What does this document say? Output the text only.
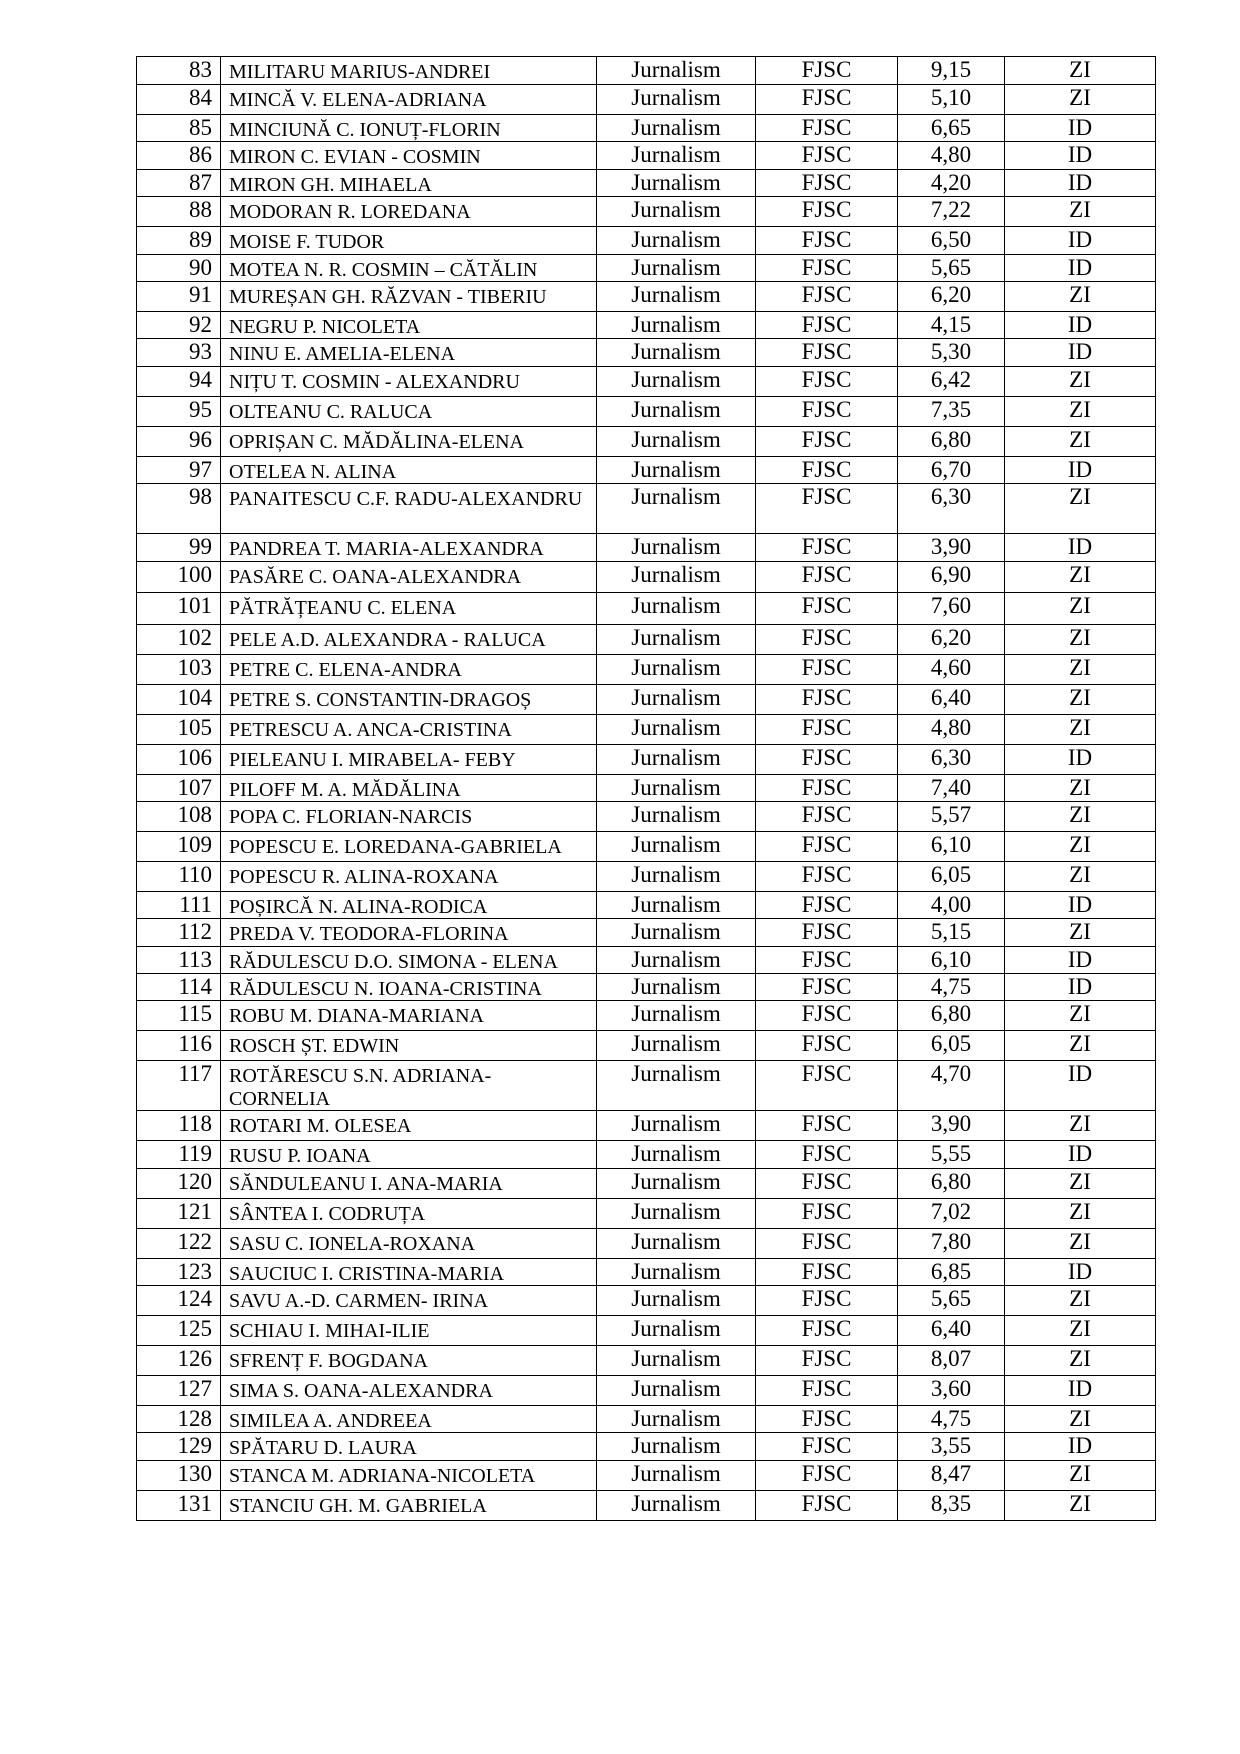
83	MILITARU MARIUS-ANDREI	Jurnalism	FJSC	9,15	ZI
84	MINCĂ V. ELENA-ADRIANA	Jurnalism	FJSC	5,10	ZI
85	MINCIUNĂ C. IONUȚ-FLORIN	Jurnalism	FJSC	6,65	ID
86	MIRON C. EVIAN - COSMIN	Jurnalism	FJSC	4,80	ID
87	MIRON GH. MIHAELA	Jurnalism	FJSC	4,20	ID
88	MODORAN R. LOREDANA	Jurnalism	FJSC	7,22	ZI
89	MOISE F. TUDOR	Jurnalism	FJSC	6,50	ID
90	MOTEA N. R. COSMIN – CĂTĂLIN	Jurnalism	FJSC	5,65	ID
91	MUREȘAN GH. RĂZVAN - TIBERIU	Jurnalism	FJSC	6,20	ZI
92	NEGRU P. NICOLETA	Jurnalism	FJSC	4,15	ID
93	NINU E. AMELIA-ELENA	Jurnalism	FJSC	5,30	ID
94	NIȚU T. COSMIN - ALEXANDRU	Jurnalism	FJSC	6,42	ZI
95	OLTEANU C. RALUCA	Jurnalism	FJSC	7,35	ZI
96	OPRIȘAN C. MĂDĂLINA-ELENA	Jurnalism	FJSC	6,80	ZI
97	OTELEA N. ALINA	Jurnalism	FJSC	6,70	ID
98	PANAITESCU C.F. RADU-ALEXANDRU	Jurnalism	FJSC	6,30	ZI
99	PANDREA T. MARIA-ALEXANDRA	Jurnalism	FJSC	3,90	ID
100	PASĂRE C. OANA-ALEXANDRA	Jurnalism	FJSC	6,90	ZI
101	PĂTRĂȚEANU C. ELENA	Jurnalism	FJSC	7,60	ZI
102	PELE A.D. ALEXANDRA - RALUCA	Jurnalism	FJSC	6,20	ZI
103	PETRE C. ELENA-ANDRA	Jurnalism	FJSC	4,60	ZI
104	PETRE S. CONSTANTIN-DRAGOȘ	Jurnalism	FJSC	6,40	ZI
105	PETRESCU A. ANCA-CRISTINA	Jurnalism	FJSC	4,80	ZI
106	PIELEANU I. MIRABELA- FEBY	Jurnalism	FJSC	6,30	ID
107	PILOFF M. A. MĂDĂLINA	Jurnalism	FJSC	7,40	ZI
108	POPA C. FLORIAN-NARCIS	Jurnalism	FJSC	5,57	ZI
109	POPESCU E. LOREDANA-GABRIELA	Jurnalism	FJSC	6,10	ZI
110	POPESCU R. ALINA-ROXANA	Jurnalism	FJSC	6,05	ZI
111	POȘIRCĂ N. ALINA-RODICA	Jurnalism	FJSC	4,00	ID
112	PREDA V. TEODORA-FLORINA	Jurnalism	FJSC	5,15	ZI
113	RĂDULESCU D.O. SIMONA - ELENA	Jurnalism	FJSC	6,10	ID
114	RĂDULESCU N. IOANA-CRISTINA	Jurnalism	FJSC	4,75	ID
115	ROBU M. DIANA-MARIANA	Jurnalism	FJSC	6,80	ZI
116	ROSCH ȘT. EDWIN	Jurnalism	FJSC	6,05	ZI
117	ROTĂRESCU S.N. ADRIANA-CORNELIA	Jurnalism	FJSC	4,70	ID
118	ROTARI M. OLESEA	Jurnalism	FJSC	3,90	ZI
119	RUSU P. IOANA	Jurnalism	FJSC	5,55	ID
120	SĂNDULEANU I. ANA-MARIA	Jurnalism	FJSC	6,80	ZI
121	SÂNTEA I. CODRUȚA	Jurnalism	FJSC	7,02	ZI
122	SASU C. IONELA-ROXANA	Jurnalism	FJSC	7,80	ZI
123	SAUCIUC I. CRISTINA-MARIA	Jurnalism	FJSC	6,85	ID
124	SAVU A.-D. CARMEN- IRINA	Jurnalism	FJSC	5,65	ZI
125	SCHIAU I. MIHAI-ILIE	Jurnalism	FJSC	6,40	ZI
126	SFRENȚ F. BOGDANA	Jurnalism	FJSC	8,07	ZI
127	SIMA S. OANA-ALEXANDRA	Jurnalism	FJSC	3,60	ID
128	SIMILEA A. ANDREEA	Jurnalism	FJSC	4,75	ZI
129	SPĂTARU D. LAURA	Jurnalism	FJSC	3,55	ID
130	STANCA M. ADRIANA-NICOLETA	Jurnalism	FJSC	8,47	ZI
131	STANCIU GH. M. GABRIELA	Jurnalism	FJSC	8,35	ZI
